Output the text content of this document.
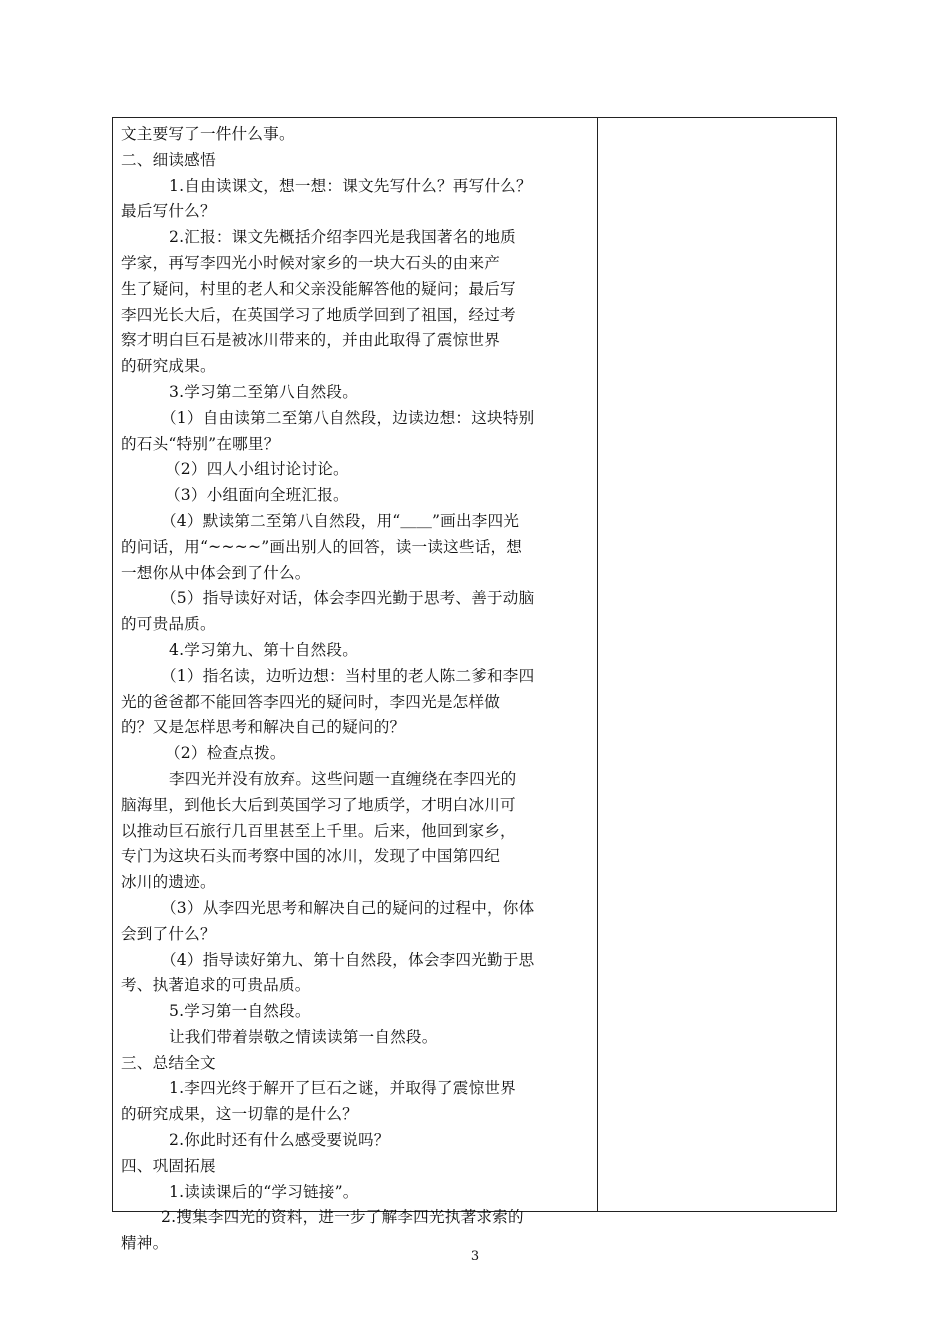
文主要写了一件什么事。
二、细读感悟
1.自由读课文，想一想：课文先写什么？再写什么？
最后写什么？
2.汇报：课文先概括介绍李四光是我国著名的地质
学家，再写李四光小时候对家乡的一块大石头的由来产
生了疑问，村里的老人和父亲没能解答他的疑问；最后写
李四光长大后，在英国学习了地质学回到了祖国，经过考
察才明白巨石是被冰川带来的，并由此取得了震惊世界
的研究成果。
3.学习第二至第八自然段。
（1）自由读第二至第八自然段，边读边想：这块特别
的石头“特别”在哪里？
（2）四人小组讨论讨论。
（3）小组面向全班汇报。
（4）默读第二至第八自然段，用“＿＿”画出李四光
的问话，用“~~~~”画出别人的回答，读一读这些话，想
一想你从中体会到了什么。
（5）指导读好对话，体会李四光勤于思考、善于动脑
的可贵品质。
4.学习第九、第十自然段。
（1）指名读，边听边想：当村里的老人陈二爹和李四
光的爸爸都不能回答李四光的疑问时，李四光是怎样做
的？又是怎样思考和解决自己的疑问的？
（2）检查点拨。
李四光并没有放弃。这些问题一直缠绕在李四光的
脑海里，到他长大后到英国学习了地质学，才明白冰川可
以推动巨石旅行几百里甚至上千里。后来，他回到家乡，
专门为这块石头而考察中国的冰川，发现了中国第四纪
冰川的遗迹。
（3）从李四光思考和解决自己的疑问的过程中，你体
会到了什么？
（4）指导读好第九、第十自然段，体会李四光勤于思
考、执著追求的可贵品质。
5.学习第一自然段。
让我们带着崇敬之情读读第一自然段。
三、总结全文
1.李四光终于解开了巨石之谜，并取得了震惊世界
的研究成果，这一切靠的是什么？
2.你此时还有什么感受要说吗？
四、巩固拓展
1.读读课后的“学习链接”。
2.搜集李四光的资料，进一步了解李四光执著求索的
精神。
3
